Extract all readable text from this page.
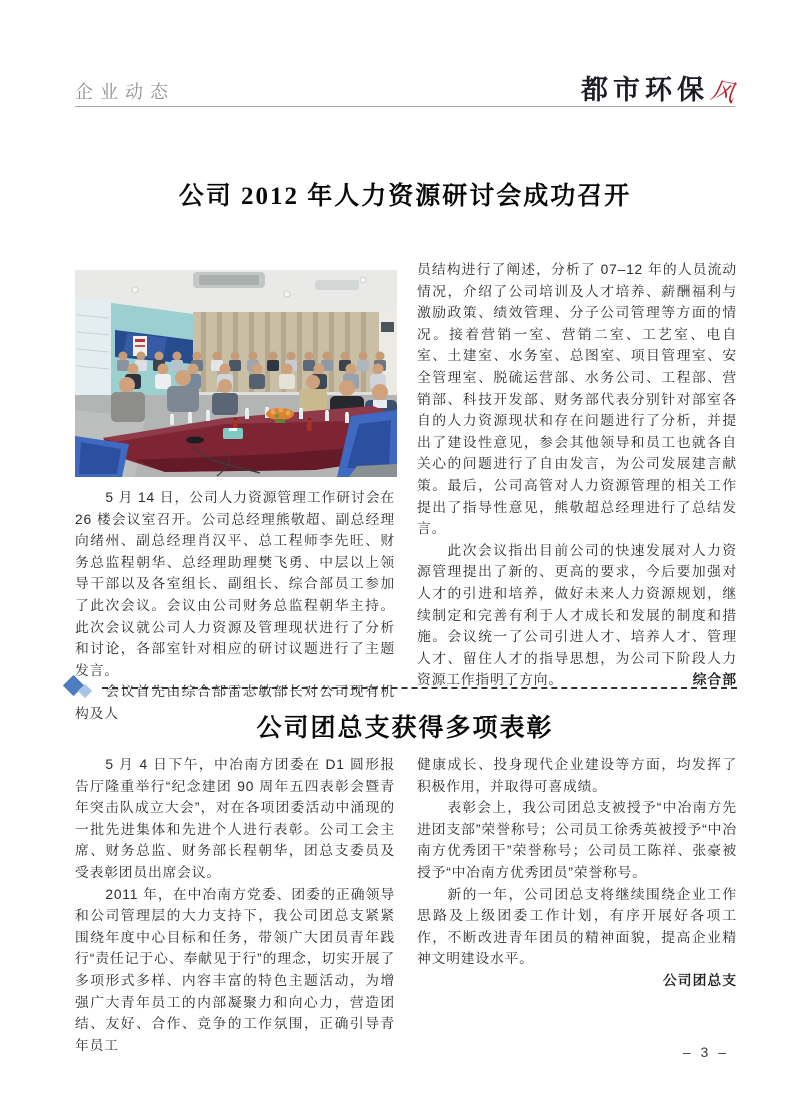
企业动态	都市环保 风
公司 2012 年人力资源研讨会成功召开

员结构进行了阐述，分析了 07–12 年的人员流动情况，介绍了公司培训及人才培养、薪酬福利与激励政策、绩效管理、分子公司管理等方面的情况。接着营销一室、营销二室、工艺室、电自室、土建室、水务室、总图室、项目管理室、安全管理室、脱硫运营部、水务公司、工程部、营销部、科技开发部、财务部代表分别针对部室各自的人力资源现状和存在问题进行了分析，并提出了建设性意见，参会其他领导和员工也就各自关心的问题进行了自由发言，为公司发展建言献策。最后，公司高管对人力资源管理的相关工作提出了指导性意见，熊敬超总经理进行了总结发言。

此次会议指出目前公司的快速发展对人力资源管理提出了新的、更高的要求，今后要加强对人才的引进和培养，做好未来人力资源规划，继续制定和完善有利于人才成长和发展的制度和措施。会议统一了公司引进人才、培养人才、管理人才、留住人才的指导思想，为公司下阶段人力资源工作指明了方向。	综合部

5 月 14 日，公司人力资源管理工作研讨会在 26 楼会议室召开。公司总经理熊敬超、副总经理向绪州、副总经理肖汉平、总工程师李先旺、财务总监程朝华、总经理助理樊飞勇、中层以上领导干部以及各室组长、副组长、综合部员工参加了此次会议。会议由公司财务总监程朝华主持。此次会议就公司人力资源及管理现状进行了分析和讨论，各部室针对相应的研讨议题进行了主题发言。

会议首先由综合部雷志敏部长对公司现有机构及人

公司团总支获得多项表彰

5 月 4 日下午，中冶南方团委在 D1 圆形报告厅隆重举行“纪念建团 90 周年五四表彰会暨青年突击队成立大会”，对在各项团委活动中涌现的一批先进集体和先进个人进行表彰。公司工会主席、财务总监、财务部长程朝华，团总支委员及受表彰团员出席会议。

2011 年，在中冶南方党委、团委的正确领导和公司管理层的大力支持下，我公司团总支紧紧围绕年度中心目标和任务，带领广大团员青年践行“责任记于心、奉献见于行”的理念，切实开展了多项形式多样、内容丰富的特色主题活动，为增强广大青年员工的内部凝聚力和向心力，营造团结、友好、合作、竞争的工作氛围，正确引导青年员工

健康成长、投身现代企业建设等方面，均发挥了积极作用，并取得可喜成绩。

表彰会上，我公司团总支被授予“中冶南方先进团支部”荣誉称号；公司员工徐秀英被授予“中冶南方优秀团干”荣誉称号；公司员工陈祥、张豪被授予“中冶南方优秀团员”荣誉称号。

新的一年，公司团总支将继续围绕企业工作思路及上级团委工作计划，有序开展好各项工作，不断改进青年团员的精神面貌，提高企业精神文明建设水平。

公司团总支
– 3 –
